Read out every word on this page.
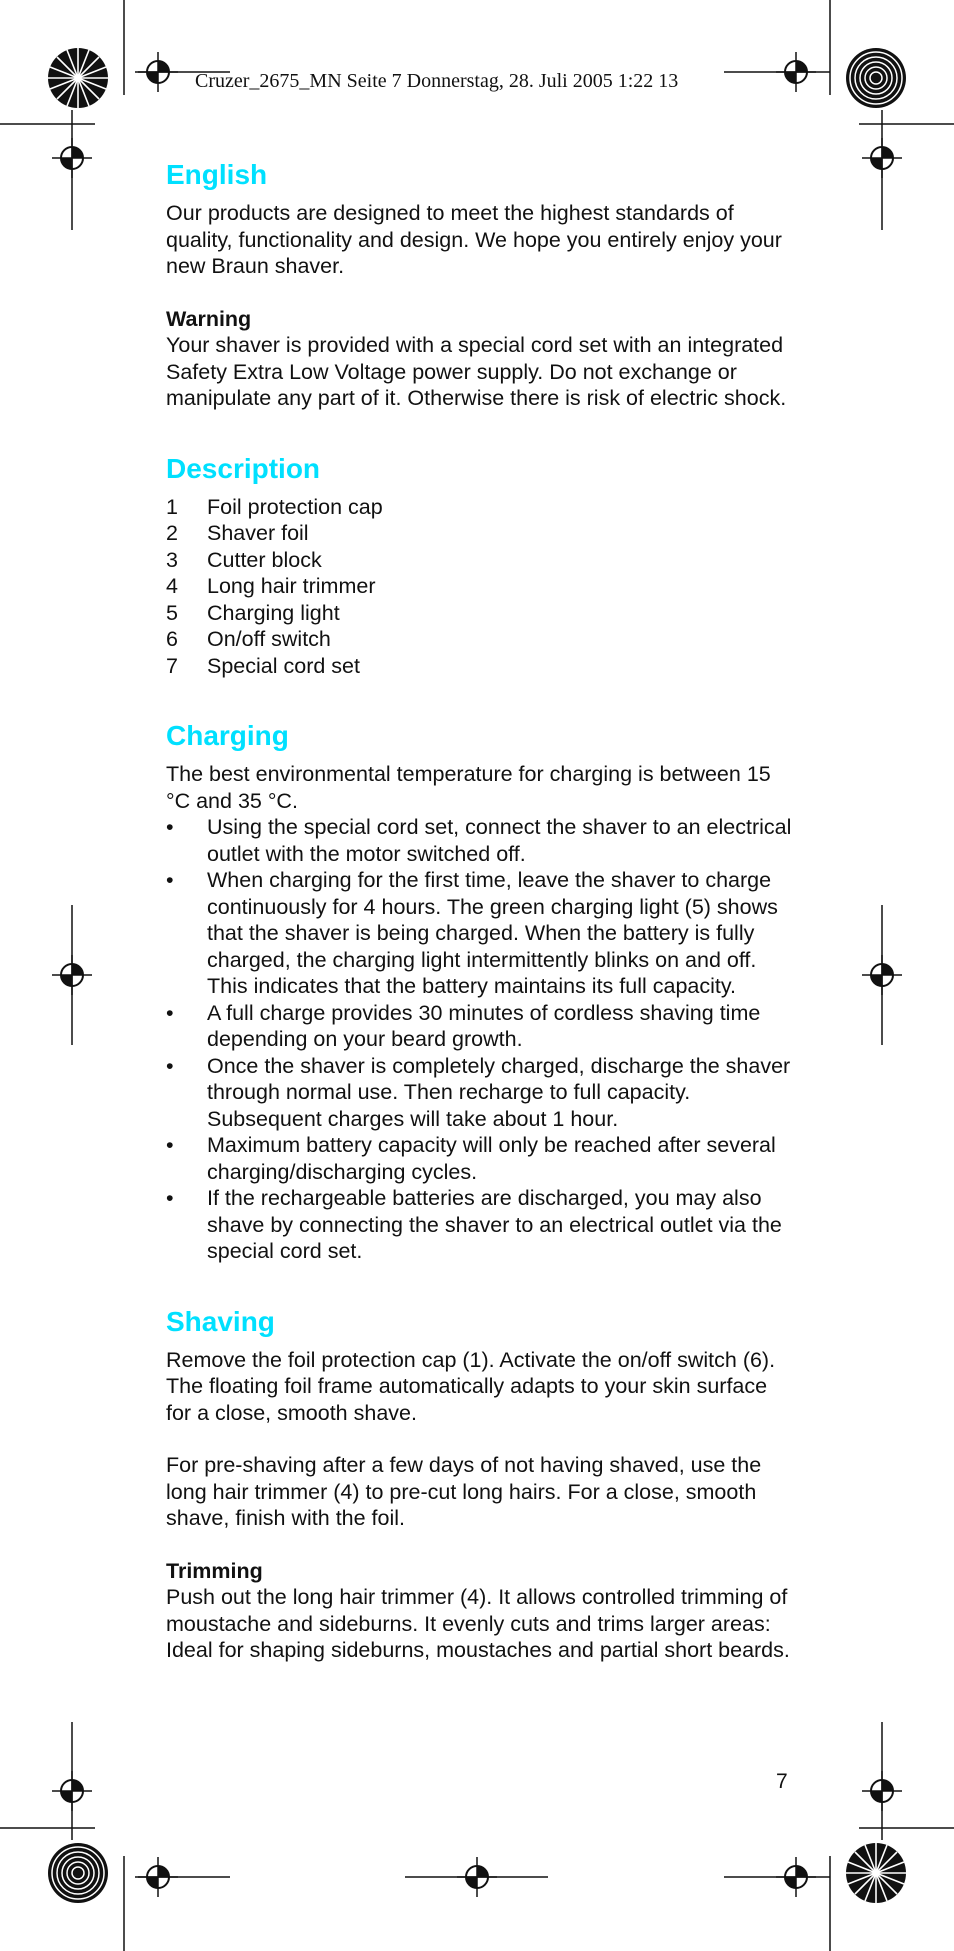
Cruzer_2675_MN Seite 7 Donnerstag, 28. Juli 2005 1:22 13
English

Our products are designed to meet the highest standards of quality, functionality and design. We hope you entirely enjoy your new Braun shaver.

Warning

Your shaver is provided with a special cord set with an integrated Safety Extra Low Voltage power supply. Do not exchange or manipulate any part of it. Otherwise there is risk of electric shock.

Description
1	Foil protection cap
2	Shaver foil
3	Cutter block
4	Long hair trimmer
5	Charging light
6	On/off switch
7	Special cord set
Charging

The best environmental temperature for charging is between 15 °C and 35 °C.

•	Using the special cord set, connect the shaver to an electrical outlet with the motor switched off.
•	When charging for the first time, leave the shaver to charge continuously for 4 hours. The green charging light (5) shows that the shaver is being charged. When the battery is fully charged, the charging light intermittently blinks on and off. This indicates that the battery maintains its full capacity.
•	A full charge provides 30 minutes of cordless shaving time depending on your beard growth.
•	Once the shaver is completely charged, discharge the shaver through normal use. Then recharge to full capacity. Subsequent charges will take about 1 hour.
•	Maximum battery capacity will only be reached after several charging/discharging cycles.
•	If the rechargeable batteries are discharged, you may also shave by connecting the shaver to an electrical outlet via the special cord set.
Shaving

Remove the foil protection cap (1). Activate the on/off switch (6). The floating foil frame automatically adapts to your skin surface for a close, smooth shave.

For pre-shaving after a few days of not having shaved, use the long hair trimmer (4) to pre-cut long hairs. For a close, smooth shave, finish with the foil.

Trimming

Push out the long hair trimmer (4). It allows controlled trimming of moustache and sideburns. It evenly cuts and trims larger areas: Ideal for shaping sideburns, moustaches and partial short beards.

7
